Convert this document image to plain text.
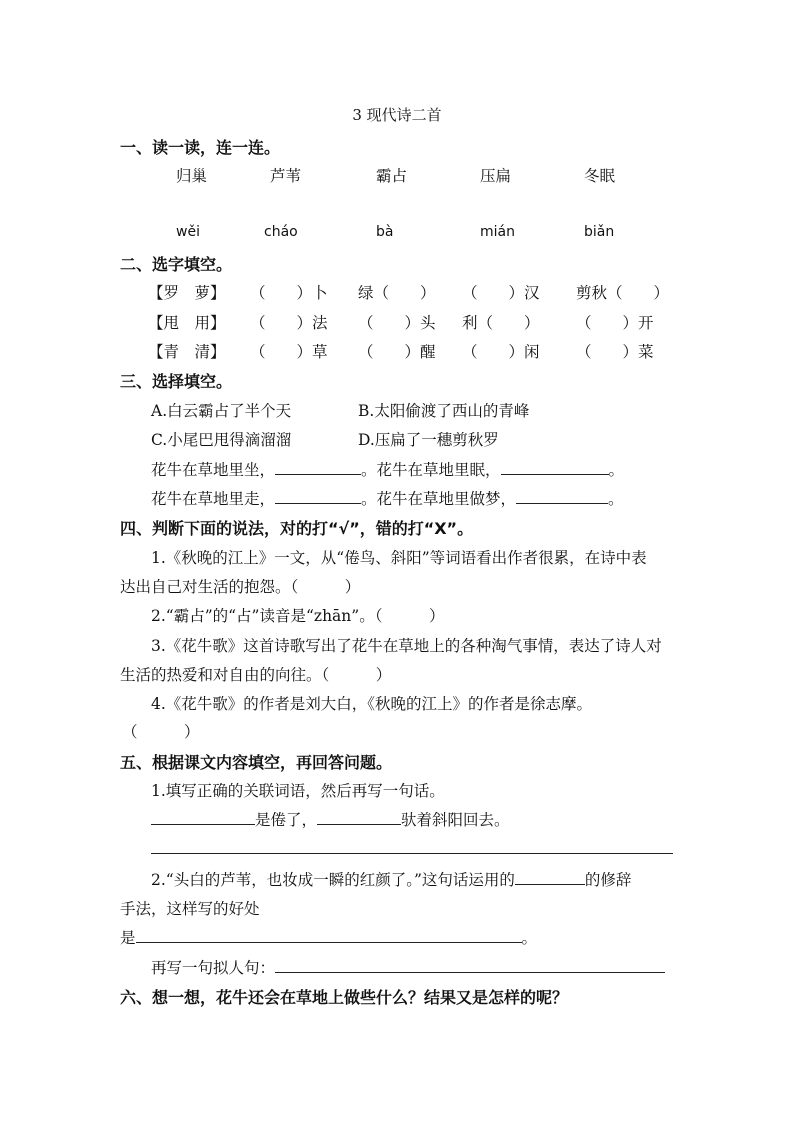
3 现代诗二首
一、读一读，连一连。
归巢	芦苇	霸占	压扁	冬眠
wěi	cháo	bà	mián	biǎn
二、选字填空。
【罗　萝】 （　　）卜 绿（　　） （　　）汉 剪秋（　　）
【甩　用】 （　　）法 （　　）头 利（　　） （　　）开
【青　清】 （　　）草 （　　）醒 （　　）闲 （　　）菜
三、选择填空。
A.白云霸占了半个天	B.太阳偷渡了西山的青峰
C.小尾巴甩得滴溜溜	D.压扁了一穗剪秋罗
花牛在草地里坐，	。花牛在草地里眠，	。
花牛在草地里走，	。花牛在草地里做梦，	。
四、判断下面的说法，对的打“√”，错的打“X”。
1.《秋晚的江上》一文，从“倦鸟、斜阳”等词语看出作者很累，在诗中表
达出自己对生活的抱怨。（　　　）
2.“霸占”的“占”读音是“zhān”。（　　　）
3.《花牛歌》这首诗歌写出了花牛在草地上的各种淘气事情，表达了诗人对
生活的热爱和对自由的向往。（　　　）
4.《花牛歌》的作者是刘大白，《秋晚的江上》的作者是徐志摩。
（　　　）
五、根据课文内容填空，再回答问题。
1.填写正确的关联词语，然后再写一句话。
是倦了，	驮着斜阳回去。
2.“头白的芦苇，也妆成一瞬的红颜了。”这句话运用的	的修辞
手法，这样写的好处
是	。
再写一句拟人句：
六、想一想，花牛还会在草地上做些什么？结果又是怎样的呢？
